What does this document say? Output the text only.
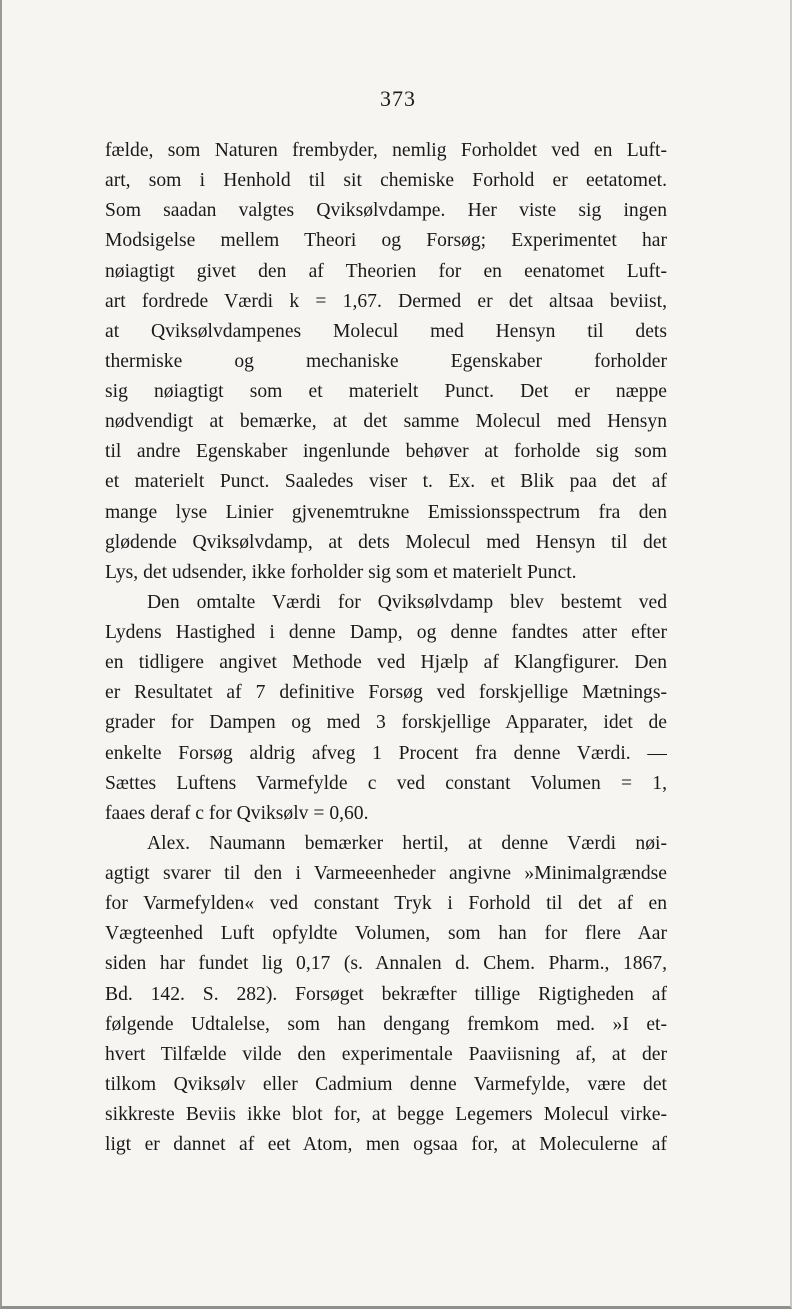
373
fælde, som Naturen frembyder, nemlig Forholdet ved en Luft-
art, som i Henhold til sit chemiske Forhold er eetatomet.
Som saadan valgtes Qviksølvdampe. Her viste sig ingen
Modsigelse mellem Theori og Forsøg; Experimentet har
nøiagtigt givet den af Theorien for en eenatomet Luft-
art fordrede Værdi k = 1,67. Dermed er det altsaa beviist,
at Qviksølvdampenes Molecul med Hensyn til dets
thermiske og mechaniske Egenskaber forholder
sig nøiagtigt som et materielt Punct. Det er næppe
nødvendigt at bemærke, at det samme Molecul med Hensyn
til andre Egenskaber ingenlunde behøver at forholde sig som
et materielt Punct. Saaledes viser t. Ex. et Blik paa det af
mange lyse Linier gjvenemtrukne Emissionsspectrum fra den
glødende Qviksølvdamp, at dets Molecul med Hensyn til det
Lys, det udsender, ikke forholder sig som et materielt Punct.
Den omtalte Værdi for Qviksølvdamp blev bestemt ved
Lydens Hastighed i denne Damp, og denne fandtes atter efter
en tidligere angivet Methode ved Hjælp af Klangfigurer. Den
er Resultatet af 7 definitive Forsøg ved forskjellige Mætnings-
grader for Dampen og med 3 forskjellige Apparater, idet de
enkelte Forsøg aldrig afveg 1 Procent fra denne Værdi. —
Sættes Luftens Varmefylde c ved constant Volumen = 1,
faaes deraf c for Qviksølv = 0,60.
Alex. Naumann bemærker hertil, at denne Værdi nøi-
agtigt svarer til den i Varmeeenheder angivne »Minimalgrændse
for Varmefylden« ved constant Tryk i Forhold til det af en
Vægteenhed Luft opfyldte Volumen, som han for flere Aar
siden har fundet lig 0,17 (s. Annalen d. Chem. Pharm., 1867,
Bd. 142. S. 282). Forsøget bekræfter tillige Rigtigheden af
følgende Udtalelse, som han dengang fremkom med. »I et-
hvert Tilfælde vilde den experimentale Paaviisning af, at der
tilkom Qviksølv eller Cadmium denne Varmefylde, være det
sikkreste Beviis ikke blot for, at begge Legemers Molecul virke-
ligt er dannet af eet Atom, men ogsaa for, at Moleculerne af
